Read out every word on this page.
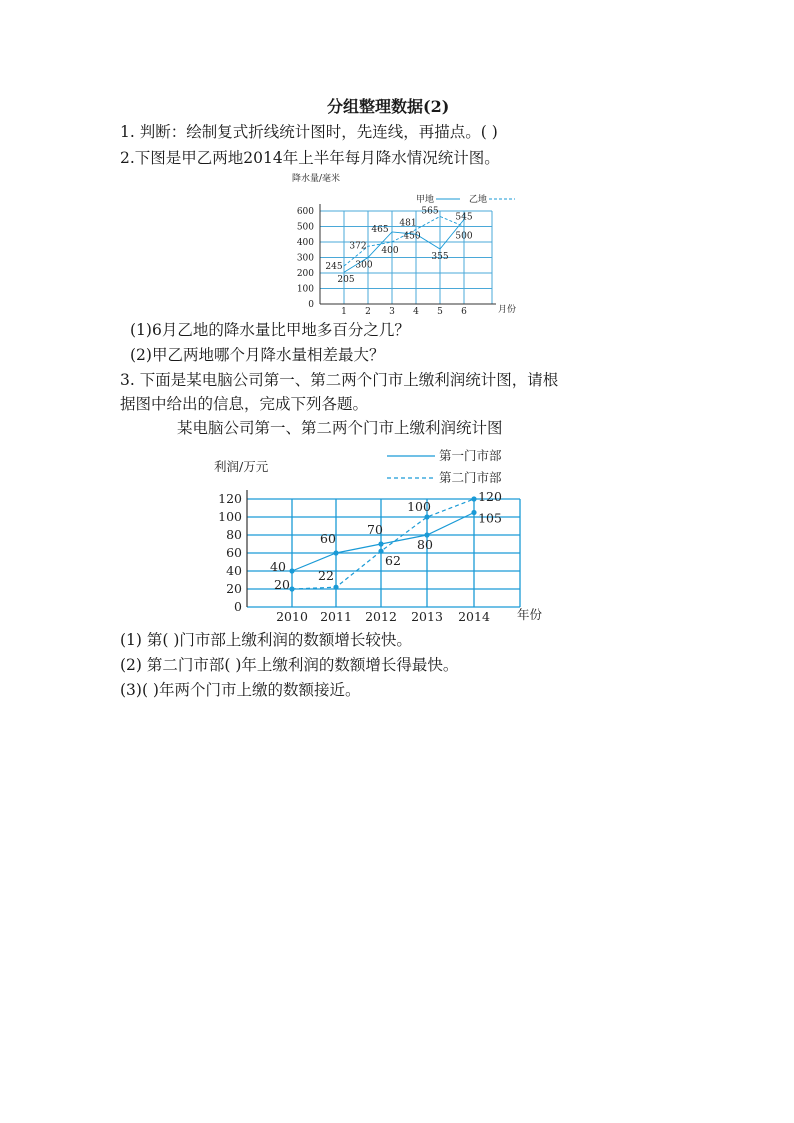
分组整理数据(2)
1. 判断：绘制复式折线统计图时，先连线，再描点。( )
2.下图是甲乙两地2014年上半年每月降水情况统计图。
降水量/毫米
月份
甲地	乙地
0
100
200
300
400
500
600
1 2 3 4 5 6
245
205
372
300
465
400
481
450
565
355
545
500
(1)6月乙地的降水量比甲地多百分之几？
(2)甲乙两地哪个月降水量相差最大？
3. 下面是某电脑公司第一、第二两个门市上缴利润统计图，请根
据图中给出的信息，完成下列各题。
某电脑公司第一、第二两个门市上缴利润统计图
利润/万元
年份
第一门市部
第二门市部
0
20
40
60
80
100
120
2010 2011 2012 2013 2014
40
20
60
22
70
62
100
80
120
105
(1) 第( )门市部上缴利润的数额增长较快。
(2) 第二门市部( )年上缴利润的数额增长得最快。
(3)( )年两个门市上缴的数额接近。
